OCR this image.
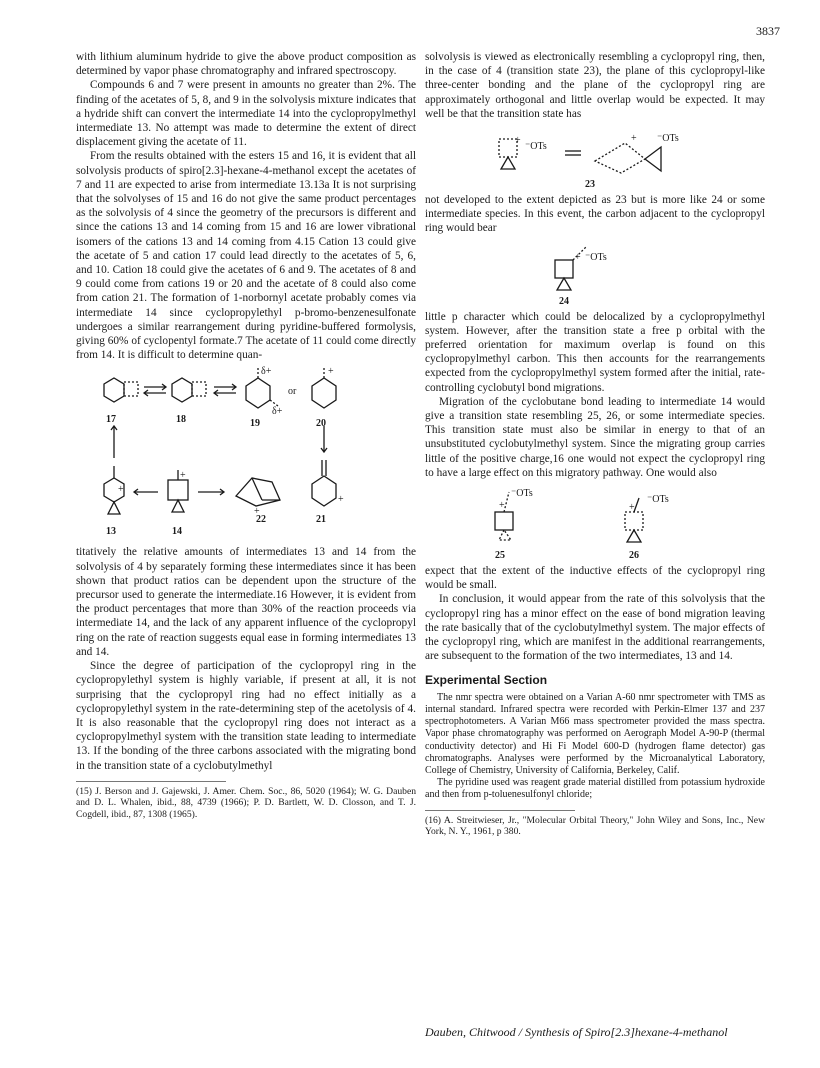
3837

with lithium aluminum hydride to give the above product composition as determined by vapor phase chromatography and infrared spectroscopy.

Compounds 6 and 7 were present in amounts no greater than 2%. The finding of the acetates of 5, 8, and 9 in the solvolysis mixture indicates that a hydride shift can convert the intermediate 14 into the cyclopropylmethyl intermediate 13. No attempt was made to determine the extent of direct displacement giving the acetate of 11.

From the results obtained with the esters 15 and 16, it is evident that all solvolysis products of spiro[2.3]-hexane-4-methanol except the acetates of 7 and 11 are expected to arise from intermediate 13.13a It is not surprising that the solvolyses of 15 and 16 do not give the same product percentages as the solvolysis of 4 since the geometry of the precursors is different and since the cations 13 and 14 coming from 15 and 16 are lower vibrational isomers of the cations 13 and 14 coming from 4.15 Cation 13 could give the acetate of 5 and cation 17 could lead directly to the acetates of 5, 6, and 10. Cation 18 could give the acetates of 6 and 9. The acetates of 8 and 9 could come from cations 19 or 20 and the acetate of 8 could also come from cation 21. The formation of 1-norbornyl acetate probably comes via intermediate 14 since cyclopropylethyl p-bromo-benzenesulfonate undergoes a similar rearrangement during pyridine-buffered formolysis, giving 60% of cyclopentyl formate.7 The acetate of 11 could come directly from 14. It is difficult to determine quan-

17	18	19	20
13	14
22	21
or
δ+
δ+
+
+
+
+
+

titatively the relative amounts of intermediates 13 and 14 from the solvolysis of 4 by separately forming these intermediates since it has been shown that product ratios can be dependent upon the structure of the precursor used to generate the intermediate.16 However, it is evident from the product percentages that more than 30% of the reaction proceeds via intermediate 14, and the lack of any apparent influence of the cyclopropyl ring on the rate of reaction suggests equal ease in forming intermediates 13 and 14.

Since the degree of participation of the cyclopropyl ring in the cyclopropylethyl system is highly variable, if present at all, it is not surprising that the cyclopropyl ring had no effect initially as a cyclopropylethyl system in the rate-determining step of the acetolysis of 4. It is also reasonable that the cyclopropyl ring does not interact as a cyclopropylmethyl system with the transition state leading to intermediate 13. If the bonding of the three carbons associated with the migrating bond in the transition state of a cyclobutylmethyl

(15) J. Berson and J. Gajewski, J. Amer. Chem. Soc., 86, 5020 (1964); W. G. Dauben and D. L. Whalen, ibid., 88, 4739 (1966); P. D. Bartlett, W. D. Closson, and T. J. Cogdell, ibid., 87, 1308 (1965).

solvolysis is viewed as electronically resembling a cyclopropyl ring, then, in the case of 4 (transition state 23), the plane of this cyclopropyl-like three-center bonding and the plane of the cyclopropyl ring are approximately orthogonal and little overlap would be expected. It may well be that the transition state has

+
⁻OTs
+ ⁻OTs
23

not developed to the extent depicted as 23 but is more like 24 or some intermediate species. In this event, the carbon adjacent to the cyclopropyl ring would bear

+ ⁻OTs
24

little p character which could be delocalized by a cyclopropylmethyl system. However, after the transition state a free p orbital with the preferred orientation for maximum overlap is found on this cyclopropylmethyl carbon. This then accounts for the rearrangements expected from the cyclopropylmethyl system formed after the initial, rate-controlling cyclobutyl bond migrations.

Migration of the cyclobutane bond leading to intermediate 14 would give a transition state resembling 25, 26, or some intermediate species. This transition state must also be similar in energy to that of an unsubstituted cyclobutylmethyl system. Since the migrating group carries little of the positive charge,16 one would not expect the cyclopropyl ring to have a large effect on this migratory pathway. One would also

+
⁻OTs
+
⁻OTs
25	26

expect that the extent of the inductive effects of the cyclopropyl ring would be small.

In conclusion, it would appear from the rate of this solvolysis that the cyclopropyl ring has a minor effect on the ease of bond migration leaving the rate basically that of the cyclobutylmethyl system. The major effects of the cyclopropyl ring, which are manifest in the additional rearrangements, are subsequent to the formation of the two intermediates, 13 and 14.

Experimental Section

The nmr spectra were obtained on a Varian A-60 nmr spectrometer with TMS as internal standard. Infrared spectra were recorded with Perkin-Elmer 137 and 237 spectrophotometers. A Varian M66 mass spectrometer provided the mass spectra. Vapor phase chromatography was performed on Aerograph Model A-90-P (thermal conductivity detector) and Hi Fi Model 600-D (hydrogen flame detector) gas chromatographs. Analyses were performed by the Microanalytical Laboratory, College of Chemistry, University of California, Berkeley, Calif.

The pyridine used was reagent grade material distilled from potassium hydroxide and then from p-toluenesulfonyl chloride;

(16) A. Streitwieser, Jr., "Molecular Orbital Theory," John Wiley and Sons, Inc., New York, N. Y., 1961, p 380.
Dauben, Chitwood / Synthesis of Spiro[2.3]hexane-4-methanol
